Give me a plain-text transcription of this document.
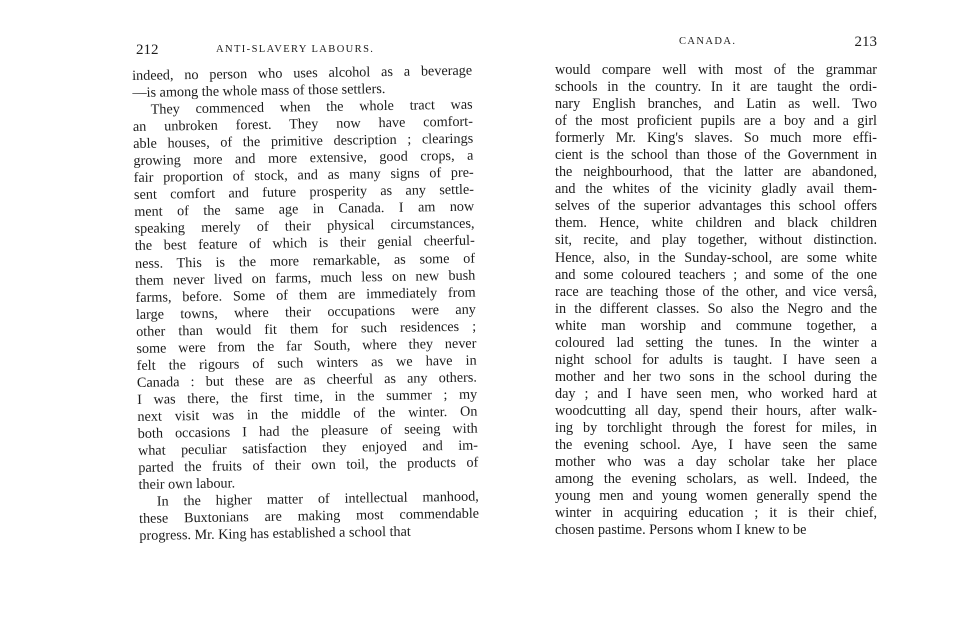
212	ANTI-SLAVERY LABOURS.
indeed, no person who uses alcohol as a beverage
—is among the whole mass of those settlers.
They commenced when the whole tract was
an unbroken forest. They now have comfort-
able houses, of the primitive description ; clearings
growing more and more extensive, good crops, a
fair proportion of stock, and as many signs of pre-
sent comfort and future prosperity as any settle-
ment of the same age in Canada. I am now
speaking merely of their physical circumstances,
the best feature of which is their genial cheerful-
ness. This is the more remarkable, as some of
them never lived on farms, much less on new bush
farms, before. Some of them are immediately from
large towns, where their occupations were any
other than would fit them for such residences ;
some were from the far South, where they never
felt the rigours of such winters as we have in
Canada : but these are as cheerful as any others.
I was there, the first time, in the summer ; my
next visit was in the middle of the winter. On
both occasions I had the pleasure of seeing with
what peculiar satisfaction they enjoyed and im-
parted the fruits of their own toil, the products of
their own labour.
In the higher matter of intellectual manhood,
these Buxtonians are making most commendable
progress. Mr. King has established a school that
CANADA.	213
would compare well with most of the grammar
schools in the country. In it are taught the ordi-
nary English branches, and Latin as well. Two
of the most proficient pupils are a boy and a girl
formerly Mr. King's slaves. So much more effi-
cient is the school than those of the Government in
the neighbourhood, that the latter are abandoned,
and the whites of the vicinity gladly avail them-
selves of the superior advantages this school offers
them. Hence, white children and black children
sit, recite, and play together, without distinction.
Hence, also, in the Sunday-school, are some white
and some coloured teachers ; and some of the one
race are teaching those of the other, and vice versâ,
in the different classes. So also the Negro and the
white man worship and commune together, a
coloured lad setting the tunes. In the winter a
night school for adults is taught. I have seen a
mother and her two sons in the school during the
day ; and I have seen men, who worked hard at
woodcutting all day, spend their hours, after walk-
ing by torchlight through the forest for miles, in
the evening school. Aye, I have seen the same
mother who was a day scholar take her place
among the evening scholars, as well. Indeed, the
young men and young women generally spend the
winter in acquiring education ; it is their chief,
chosen pastime. Persons whom I knew to be
